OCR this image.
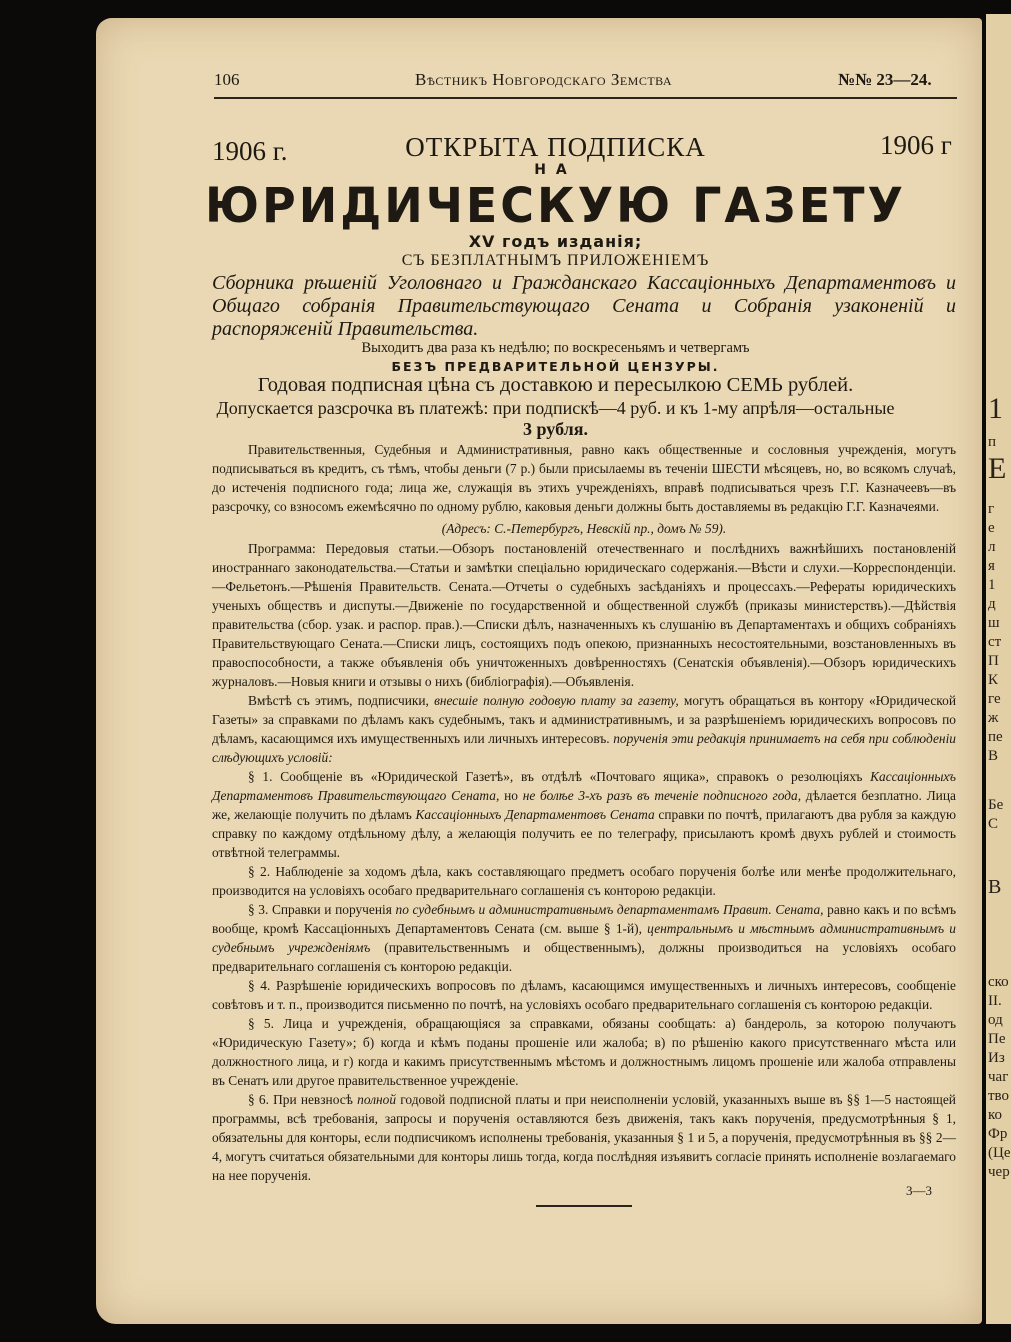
1
п
Е
г
е
л
я
1
д
ш
ст
П
К
ге
ж
пе
В
Бе
С
В
ско
II.
од
Пе
Из
чаг
тво
ко
Фр
(Це
чер
106	Вѣстникъ Новгородскаго Земства	№№ 23—24.
1906 г.	1906 г
ОТКРЫТА ПОДПИСКА
НА
ЮРИДИЧЕСКУЮ ГАЗЕТУ
XV годъ изданія;
СЪ БЕЗПЛАТНЫМЪ ПРИЛОЖЕНІЕМЪ
Сборника рѣшеній Уголовнаго и Гражданскаго Кассаціонныхъ Департаментовъ и Общаго собранія Правительствующаго Сената и Собранія узаконеній и распоряженій Правительства.
Выходитъ два раза къ недѣлю; по воскресеньямъ и четвергамъ
БЕЗЪ ПРЕДВАРИТЕЛЬНОЙ ЦЕНЗУРЫ.
Годовая подписная цѣна съ доставкою и пересылкою СЕМЬ рублей.
Допускается разсрочка въ платежѣ: при подпискѣ—4 руб. и къ 1-му апрѣля—остальные
3 рубля.

Правительственныя, Судебныя и Административныя, равно какъ общественные и сословныя учрежденія, могутъ подписываться въ кредитъ, съ тѣмъ, чтобы деньги (7 р.) были присылаемы въ теченіи ШЕСТИ мѣсяцевъ, но, во всякомъ случаѣ, до истеченія подписного года; лица же, служащія въ этихъ учрежденіяхъ, вправѣ подписываться чрезъ Г.Г. Казначеевъ—въ разсрочку, со взносомъ ежемѣсячно по одному рублю, каковыя деньги должны быть доставляемы въ редакцію Г.Г. Казначеями.

(Адресъ: С.-Петербургъ, Невскій пр., домъ № 59).

Программа: Передовыя статьи.—Обзоръ постановленій отечественнаго и послѣднихъ важнѣйшихъ постановленій иностраннаго законодательства.—Статьи и замѣтки спеціально юридическаго содержанія.—Вѣсти и слухи.—Корреспонденціи.—Фельетонъ.—Рѣшенія Правительств. Сената.—Отчеты о судебныхъ засѣданіяхъ и процессахъ.—Рефераты юридическихъ ученыхъ обществъ и диспуты.—Движеніе по государственной и общественной службѣ (приказы министерствъ).—Дѣйствія правительства (сбор. узак. и распор. прав.).—Списки дѣлъ, назначенныхъ къ слушанію въ Департаментахъ и общихъ собраніяхъ Правительствующаго Сената.—Списки лицъ, состоящихъ подъ опекою, признанныхъ несостоятельными, возстановленныхъ въ правоспособности, а также объявленія объ уничтоженныхъ довѣренностяхъ (Сенатскія объявленія).—Обзоръ юридическихъ журналовъ.—Новыя книги и отзывы о нихъ (библіографія).—Объявленія.

Вмѣстѣ съ этимъ, подписчики, внесшіе полную годовую плату за газету, могутъ обращаться въ контору «Юридической Газеты» за справками по дѣламъ какъ судебнымъ, такъ и административнымъ, и за разрѣшеніемъ юридическихъ вопросовъ по дѣламъ, касающимся ихъ имущественныхъ или личныхъ интересовъ. порученія эти редакція принимаетъ на себя при соблюденіи слѣдующихъ условій:

§ 1. Сообщеніе въ «Юридической Газетѣ», въ отдѣлѣ «Почтоваго ящика», справокъ о резолюціяхъ Кассаціонныхъ Департаментовъ Правительствующаго Сената, но не болѣе 3-хъ разъ въ теченіе подписного года, дѣлается безплатно. Лица же, желающіе получить по дѣламъ Кассаціонныхъ Департаментовъ Сената справки по почтѣ, прилагаютъ два рубля за каждую справку по каждому отдѣльному дѣлу, а желающія получить ее по телеграфу, присылаютъ кромѣ двухъ рублей и стоимость отвѣтной телеграммы.

§ 2. Наблюденіе за ходомъ дѣла, какъ составляющаго предметъ особаго порученія болѣе или менѣе продолжительнаго, производится на условіяхъ особаго предварительнаго соглашенія съ конторою редакціи.

§ 3. Справки и порученія по судебнымъ и административнымъ департаментамъ Правит. Сената, равно какъ и по всѣмъ вообще, кромѣ Кассаціонныхъ Департаментовъ Сената (см. выше § 1-й), центральнымъ и мѣстнымъ административнымъ и судебнымъ учрежденіямъ (правительственнымъ и общественнымъ), должны производиться на условіяхъ особаго предварительнаго соглашенія съ конторою редакціи.

§ 4. Разрѣшеніе юридическихъ вопросовъ по дѣламъ, касающимся имущественныхъ и личныхъ интересовъ, сообщеніе совѣтовъ и т. п., производится письменно по почтѣ, на условіяхъ особаго предварительнаго соглашенія съ конторою редакціи.

§ 5. Лица и учрежденія, обращающіяся за справками, обязаны сообщать: а) бандероль, за которою получаютъ «Юридическую Газету»; б) когда и кѣмъ поданы прошеніе или жалоба; в) по рѣшенію какого присутственнаго мѣста или должностного лица, и г) когда и какимъ присутственнымъ мѣстомъ и должностнымъ лицомъ прошеніе или жалоба отправлены въ Сенатъ или другое правительственное учрежденіе.

§ 6. При невзносѣ полной годовой подписной платы и при неисполненіи условій, указанныхъ выше въ §§ 1—5 настоящей программы, всѣ требованія, запросы и порученія оставляются безъ движенія, такъ какъ порученія, предусмотрѣнныя § 1, обязательны для конторы, если подписчикомъ исполнены требованія, указанныя § 1 и 5, а порученія, предусмотрѣнныя въ §§ 2—4, могутъ считаться обязательными для конторы лишь тогда, когда послѣдняя изъявитъ согласіе принять исполненіе возлагаемаго на нее порученія.

3—3
